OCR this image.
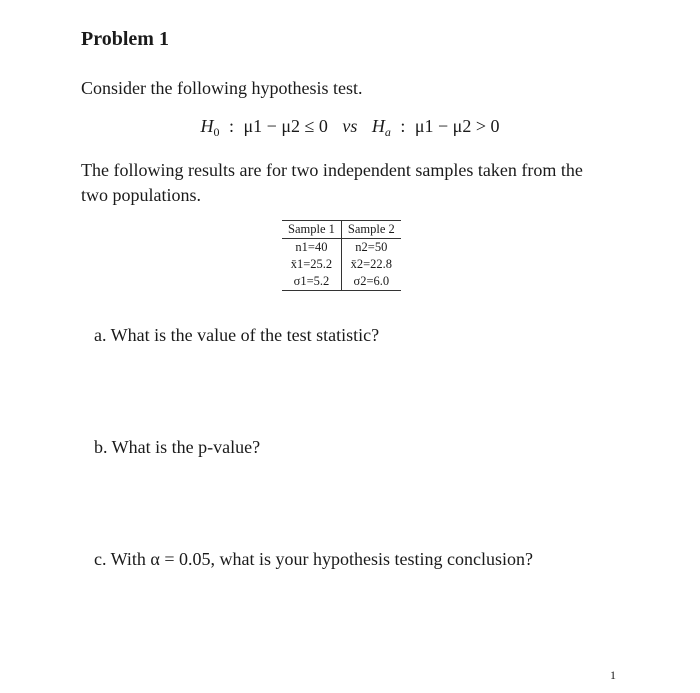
Problem 1
Consider the following hypothesis test.
$H_0$ : μ1 − μ2 ≤ 0 vs $H_a$ : μ1 − μ2 > 0
The following results are for two independent samples taken from the
two populations.
Sample 1	Sample 2
n1=40	n2=50
x̄1=25.2	x̄2=22.8
σ1=5.2	σ2=6.0
a. What is the value of the test statistic?
b. What is the p-value?
c. With α = 0.05, what is your hypothesis testing conclusion?
1
